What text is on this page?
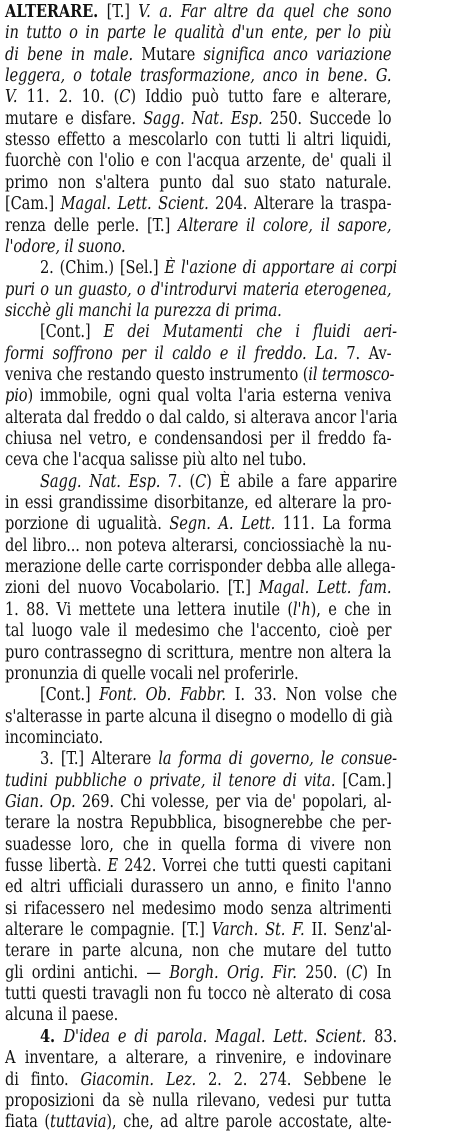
ALTERARE. [T.] V. a. Far altre da quel che sono
in tutto o in parte le qualità d'un ente, per lo più
di bene in male. Mutare significa anco variazione
leggera, o totale trasformazione, anco in bene. G.
V. 11. 2. 10. (C) Iddio può tutto fare e alterare,
mutare e disfare. Sagg. Nat. Esp. 250. Succede lo
stesso effetto a mescolarlo con tutti li altri liquidi,
fuorchè con l'olio e con l'acqua arzente, de' quali il
primo non s'altera punto dal suo stato naturale.
[Cam.] Magal. Lett. Scient. 204. Alterare la traspa-
renza delle perle. [T.] Alterare il colore, il sapore,
l'odore, il suono.
2. (Chim.) [Sel.] È l'azione di apportare ai corpi
puri o un guasto, o d'introdurvi materia eterogenea,
sicchè gli manchi la purezza di prima.
[Cont.] E dei Mutamenti che i fluidi aeri-
formi soffrono per il caldo e il freddo. La. 7. Av-
veniva che restando questo instrumento (il termosco-
pio) immobile, ogni qual volta l'aria esterna veniva
alterata dal freddo o dal caldo, si alterava ancor l'aria
chiusa nel vetro, e condensandosi per il freddo fa-
ceva che l'acqua salisse più alto nel tubo.
Sagg. Nat. Esp. 7. (C) È abile a fare apparire
in essi grandissime disorbitanze, ed alterare la pro-
porzione di ugualità. Segn. A. Lett. 111. La forma
del libro... non poteva alterarsi, conciossiachè la nu-
merazione delle carte corrisponder debba alle allega-
zioni del nuovo Vocabolario. [T.] Magal. Lett. fam.
1. 88. Vi mettete una lettera inutile (l'h), e che in
tal luogo vale il medesimo che l'accento, cioè per
puro contrassegno di scrittura, mentre non altera la
pronunzia di quelle vocali nel proferirle.
[Cont.] Font. Ob. Fabbr. I. 33. Non volse che
s'alterasse in parte alcuna il disegno o modello di già
incominciato.
3. [T.] Alterare la forma di governo, le consue-
tudini pubbliche o private, il tenore di vita. [Cam.]
Gian. Op. 269. Chi volesse, per via de' popolari, al-
terare la nostra Repubblica, bisognerebbe che per-
suadesse loro, che in quella forma di vivere non
fusse libertà. E 242. Vorrei che tutti questi capitani
ed altri ufficiali durassero un anno, e finito l'anno
si rifacessero nel medesimo modo senza altrimenti
alterare le compagnie. [T.] Varch. St. F. II. Senz'al-
terare in parte alcuna, non che mutare del tutto
gli ordini antichi. — Borgh. Orig. Fir. 250. (C) In
tutti questi travagli non fu tocco nè alterato di cosa
alcuna il paese.
4. D'idea e di parola. Magal. Lett. Scient. 83.
A inventare, a alterare, a rinvenire, e indovinare
di finto. Giacomin. Lez. 2. 2. 274. Sebbene le
proposizioni da sè nulla rilevano, vedesi pur tutta
fiata (tuttavia), che, ad altre parole accostate, alte-
